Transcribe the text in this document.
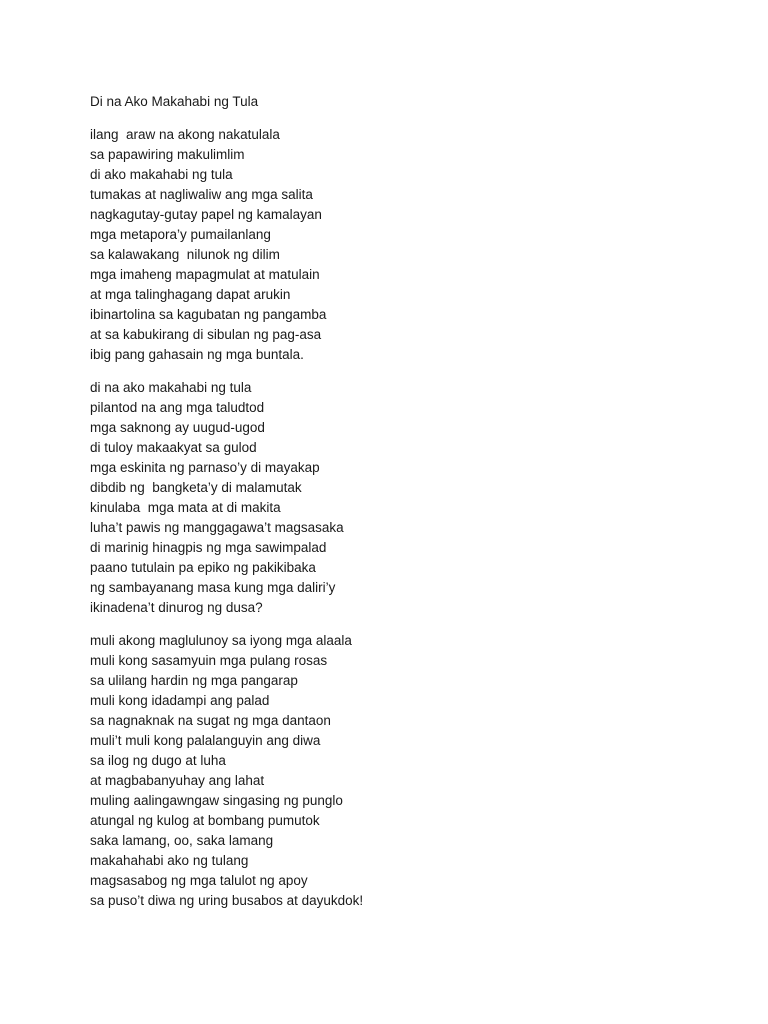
Di na Ako Makahabi ng Tula
ilang  araw na akong nakatulala
sa papawiring makulimlim
di ako makahabi ng tula
tumakas at nagliwaliw ang mga salita
nagkagutay-gutay papel ng kamalayan
mga metapora’y pumailanlang
sa kalawakang  nilunok ng dilim
mga imaheng mapagmulat at matulain
at mga talinghagang dapat arukin
ibinartolina sa kagubatan ng pangamba
at sa kabukirang di sibulan ng pag-asa
ibig pang gahasain ng mga buntala.
di na ako makahabi ng tula
pilantod na ang mga taludtod
mga saknong ay uugud-ugod
di tuloy makaakyat sa gulod
mga eskinita ng parnaso’y di mayakap
dibdib ng  bangketa’y di malamutak
kinulaba  mga mata at di makita
luha’t pawis ng manggagawa’t magsasaka
di marinig hinagpis ng mga sawimpalad
paano tutulain pa epiko ng pakikibaka
ng sambayanang masa kung mga daliri’y
ikinadena’t dinurog ng dusa?
muli akong maglulunoy sa iyong mga alaala
muli kong sasamyuin mga pulang rosas
sa ulilang hardin ng mga pangarap
muli kong idadampi ang palad
sa nagnaknak na sugat ng mga dantaon
muli’t muli kong palalanguyin ang diwa
sa ilog ng dugo at luha
at magbabanyuhay ang lahat
muling aalingawngaw singasing ng punglo
atungal ng kulog at bombang pumutok
saka lamang, oo, saka lamang
makahahabi ako ng tulang
magsasabog ng mga talulot ng apoy
sa puso’t diwa ng uring busabos at dayukdok!
